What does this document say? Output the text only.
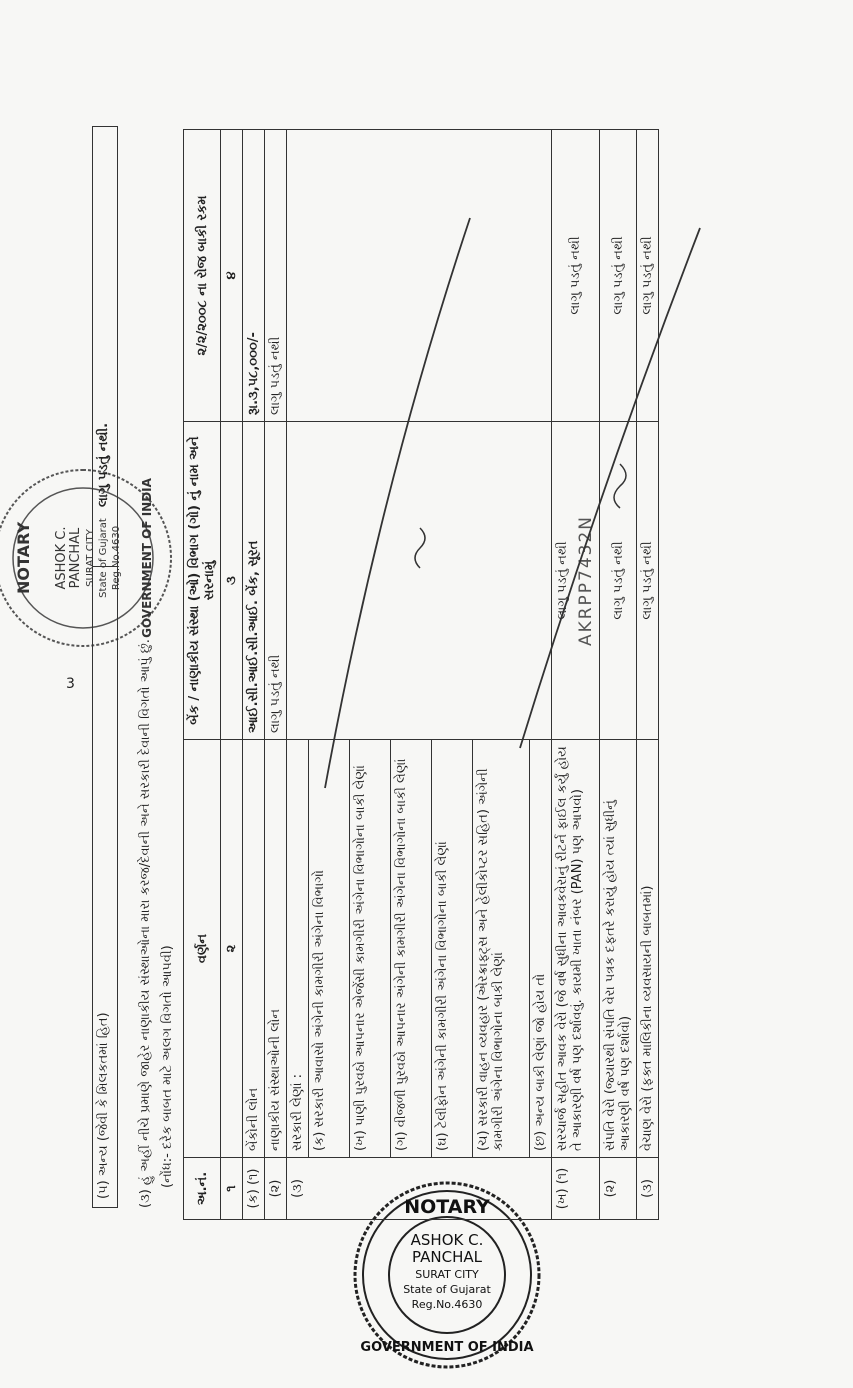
3
NOTARY ASHOK C. PANCHAL SURAT CITY State of Gujarat Reg.No.4630 GOVERNMENT OF INDIA
NOTARY
ASHOK C.
PANCHAL
SURAT CITY
State of Gujarat
Reg.No.4630
GOVERNMENT OF INDIA
(૫) અન્ય (જેવી કે મિલકતમાં હિત)
લાગુ પડતું નથી.
(૩) હું અહીં નીચે પ્રમાણે જાહેર નાણાકીય સંસ્થાઓના મારા કરજ/દેવાની અને સરકારી દેવાની વિગતો આપું છું. (નોંધ:- દરેક બાબત માટે અલગ વિગતો આપવી)
અ.નં.	વર્ણન	બેંક / નાણાકીય સંસ્થા (ઓ) વિભાગ (ગો) નું નામ અને સરનામું	૨/૨/૨૦૦૮ ના રોજ બાકી રકમ
૧	૨	૩	૪
(ક) (૧)	બેંકોની લોન	આઈ.સી.આઈ.સી.આઈ. બેંક, સૂરત	રૂા.૩,૫૮,૦૦૦/-
(૨)	નાણાકીય સંસ્થાઓની લોન	લાગુ પડતું નથી	લાગુ પડતું નથી
(૩)	સરકારી લેણાં :		
	(ક) સરકારી આવાસો અંગેની કામગીરી અંગેના વિભાગો		
	(ખ) પાણી પુરવઠો આપનાર એજેંસી કામગીરી અંગેના વિભાગોના બાકી લેણાં		
	(ગ) વીજળી પુરવઠો આપનાર અંગેની કામગીરી અંગેના વિભાગોના બાકી લેણાં		
	(ઘ) ટેલીફોન અંગેની કામગીરી અંગેના વિભાગોના બાકી લેણાં		
	(ચ) સરકારી વાહન વ્યવહાર (એરક્રાફ્ટ્સ અને હેલીકોપ્ટર સહિત) અંગેની કામગીરી અંગેના વિભાગોના બાકી લેણાં		
	(છ) અન્ય બાકી લેણાં જો હોય તો		
(ખ) (૧)	સરચાર્જ સહીત આવક વેરો (જે વર્ષ સુધીના આવકવેરાનું રીટર્ન ફાઈલ કર્યું હોય તે આકારણી વર્ષ પણ દર્શાવવું. કાયમી ખાતા નંબર (PAN) પણ આપવો)	લાગુ પડતું નથી AKRPP7432N	લાગુ પડતું નથી
(૨)	સંપતિ વેરો (જ્યારથી સંપતિ વેરા પત્રક દફતરે કરાયું હોય ત્યાં સુધીનું આકારણી વર્ષ પણ દર્શાવો)	લાગુ પડતું નથી	લાગુ પડતું નથી
(૩)	વેચાણ વેરો (ફક્ત માલિકીના વ્યવસાયની બાબતમાં)	લાગુ પડતું નથી	લાગુ પડતું નથી
